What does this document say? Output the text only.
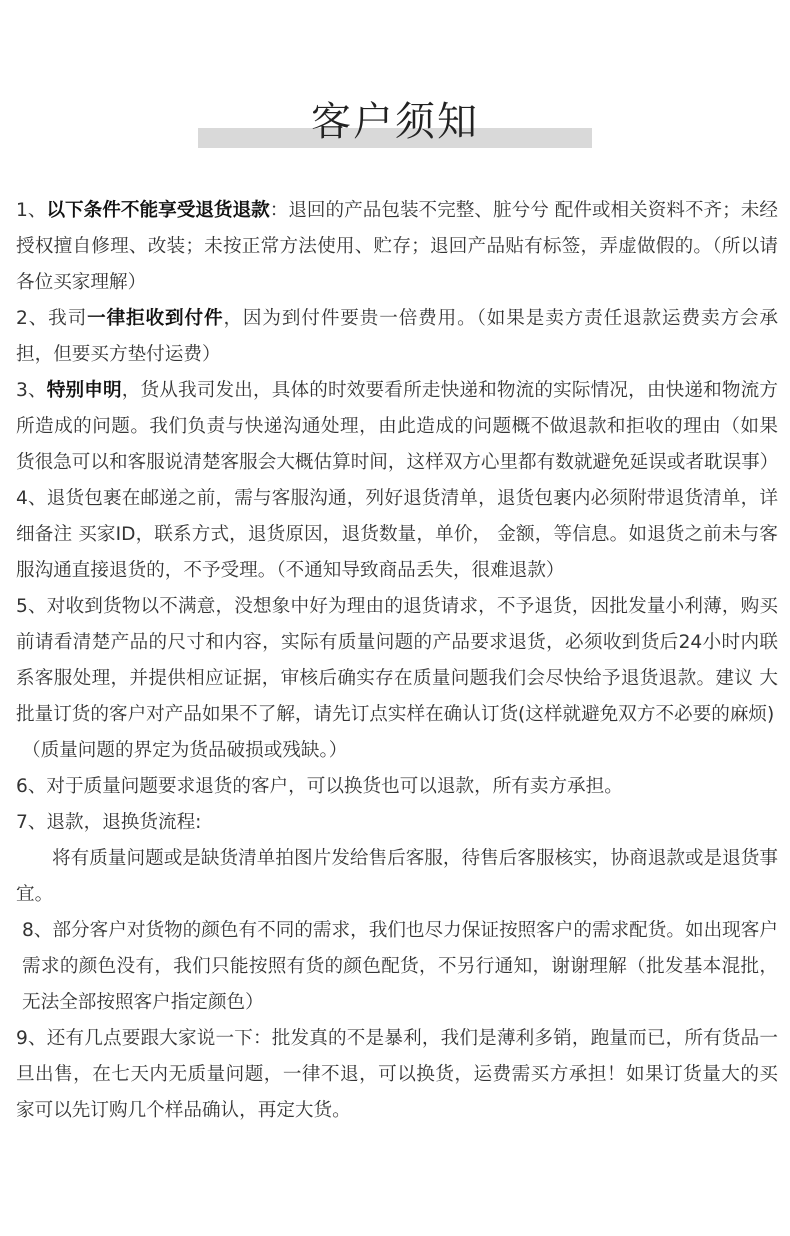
客户须知

1、以下条件不能享受退货退款：退回的产品包装不完整、脏兮兮 配件或相关资料不齐；未经授权擅自修理、改装；未按正常方法使用、贮存；退回产品贴有标签，弄虚做假的。（所以请各位买家理解）

2、我司一律拒收到付件，因为到付件要贵一倍费用。（如果是卖方责任退款运费卖方会承担，但要买方垫付运费）

3、特别申明，货从我司发出，具体的时效要看所走快递和物流的实际情况，由快递和物流方所造成的问题。我们负责与快递沟通处理，由此造成的问题概不做退款和拒收的理由（如果货很急可以和客服说清楚客服会大概估算时间，这样双方心里都有数就避免延误或者耽误事）

4、退货包裹在邮递之前，需与客服沟通，列好退货清单，退货包裹内必须附带退货清单，详细备注 买家ID，联系方式，退货原因，退货数量，单价， 金额，等信息。如退货之前未与客服沟通直接退货的，不予受理。（不通知导致商品丢失，很难退款）

5、对收到货物以不满意，没想象中好为理由的退货请求，不予退货，因批发量小利薄，购买前请看清楚产品的尺寸和内容，实际有质量问题的产品要求退货，必须收到货后24小时内联系客服处理，并提供相应证据，审核后确实存在质量问题我们会尽快给予退货退款。建议 大批量订货的客户对产品如果不了解，请先订点实样在确认订货(这样就避免双方不必要的麻烦)

（质量问题的界定为货品破损或残缺。）

6、对于质量问题要求退货的客户，可以换货也可以退款，所有卖方承担。

7、退款，退换货流程:

将有质量问题或是缺货清单拍图片发给售后客服，待售后客服核实，协商退款或是退货事宜。

8、部分客户对货物的颜色有不同的需求，我们也尽力保证按照客户的需求配货。如出现客户需求的颜色没有，我们只能按照有货的颜色配货，不另行通知，谢谢理解（批发基本混批，无法全部按照客户指定颜色）

9、还有几点要跟大家说一下：批发真的不是暴利，我们是薄利多销，跑量而已，所有货品一旦出售，在七天内无质量问题，一律不退，可以换货，运费需买方承担！如果订货量大的买家可以先订购几个样品确认，再定大货。
